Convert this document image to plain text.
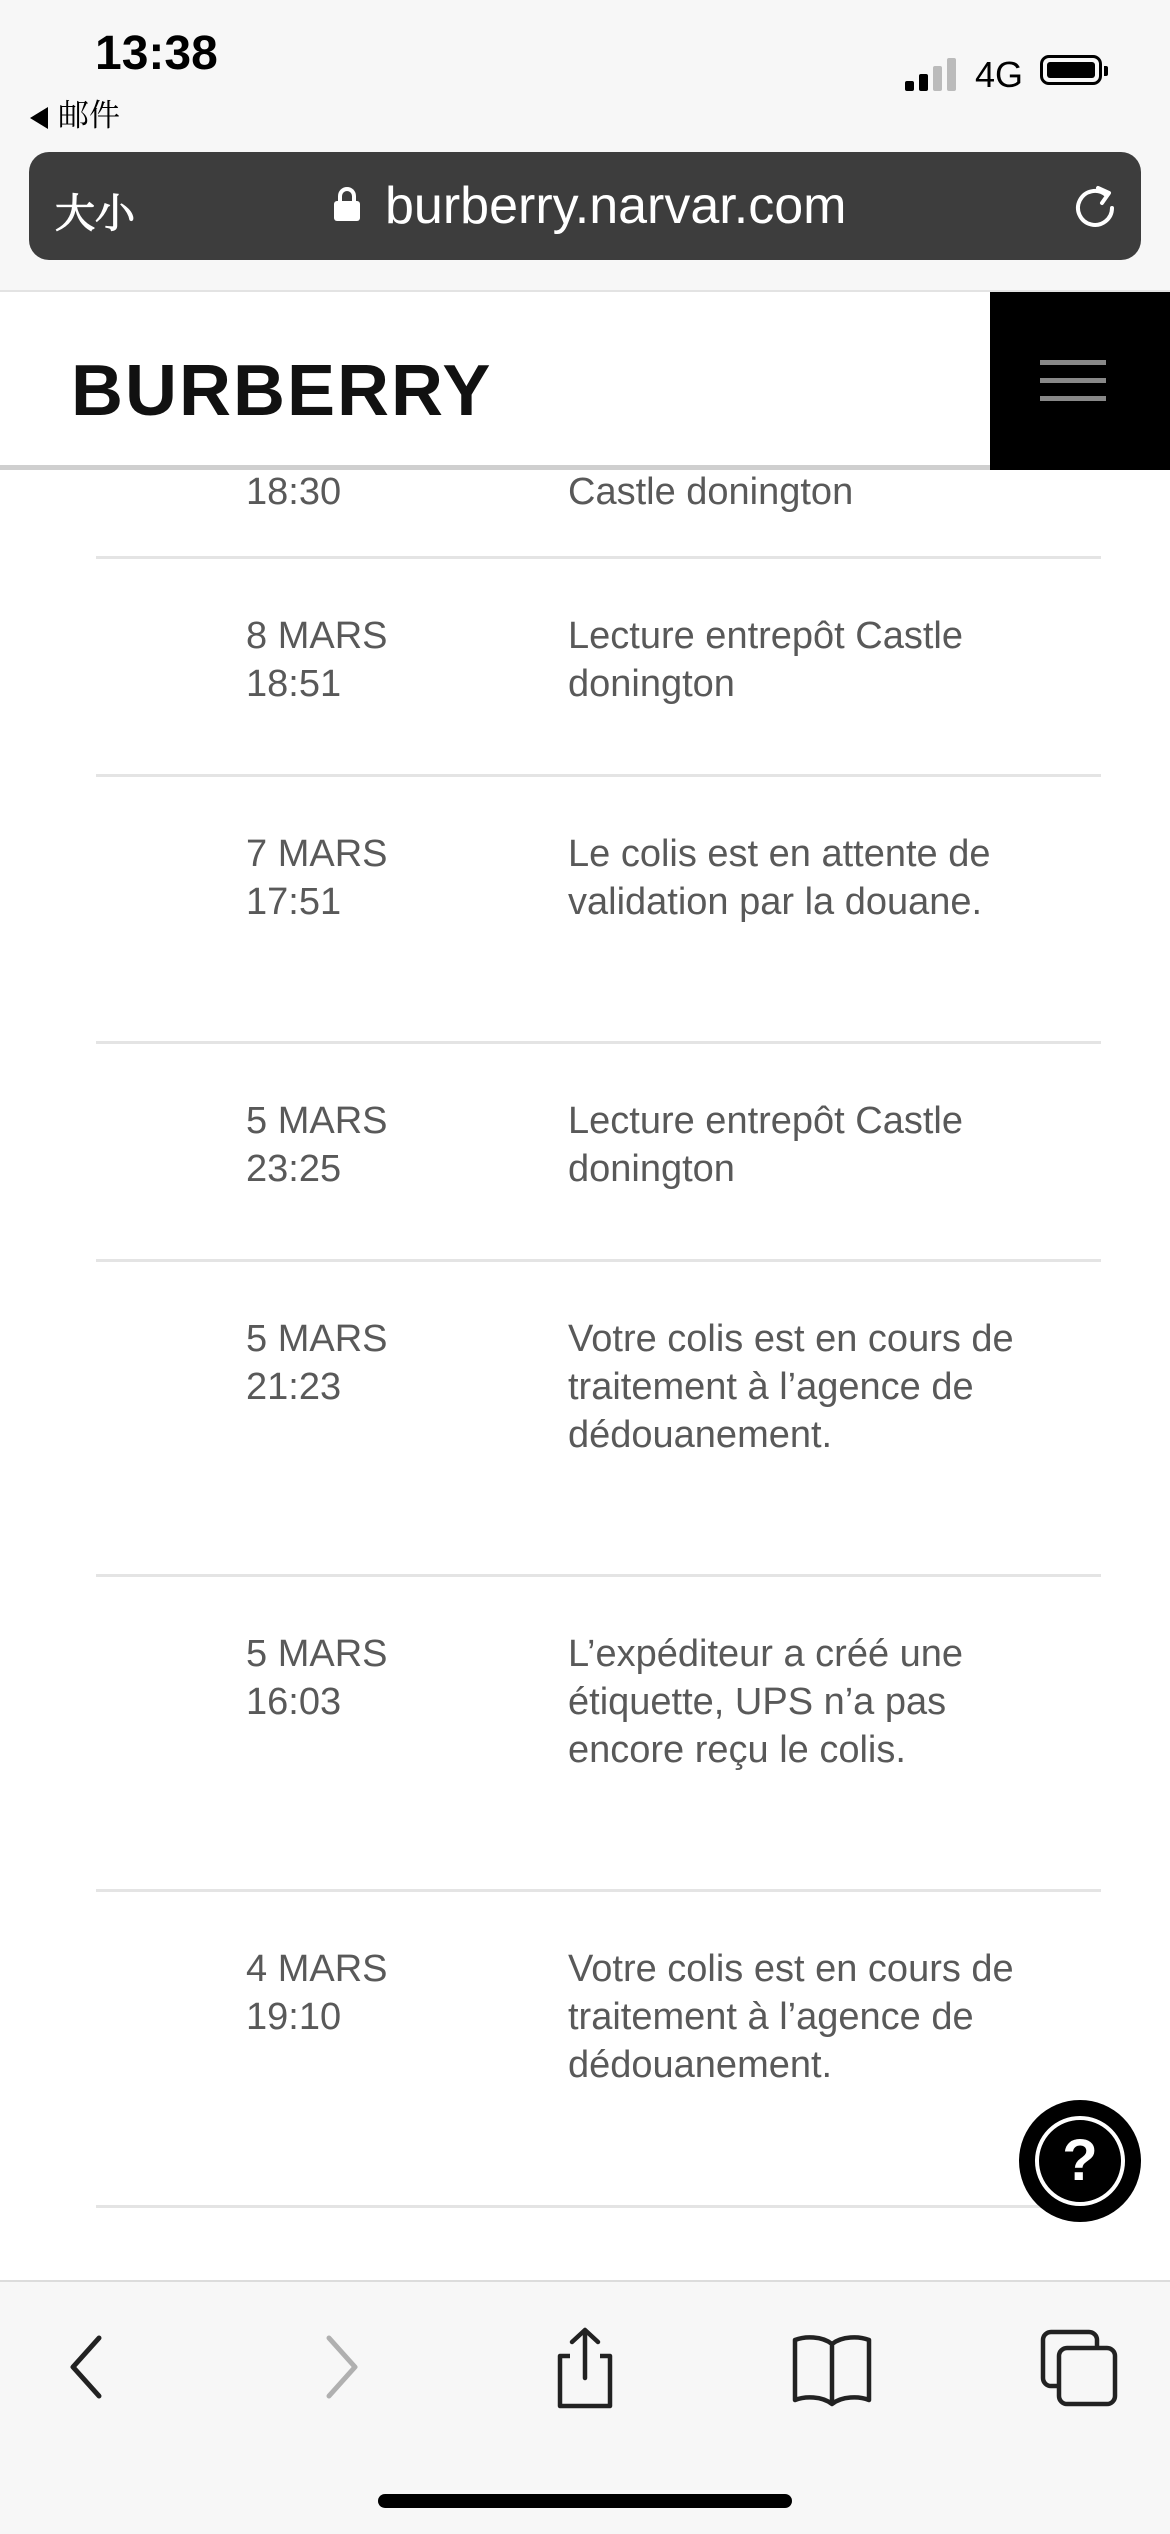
13:38
邮件
4G
大小	burberry.narvar.com
BURBERRY
18:30	Castle donington
8 MARS
18:51
Lecture entrepôt Castle donington
7 MARS
17:51
Le colis est en attente de validation par la douane.
5 MARS
23:25
Lecture entrepôt Castle donington
5 MARS
21:23
Votre colis est en cours de traitement à l’agence de dédouanement.
5 MARS
16:03
L’expéditeur a créé une étiquette, UPS n’a pas encore reçu le colis.
4 MARS
19:10
Votre colis est en cours de traitement à l’agence de dédouanement.
?
